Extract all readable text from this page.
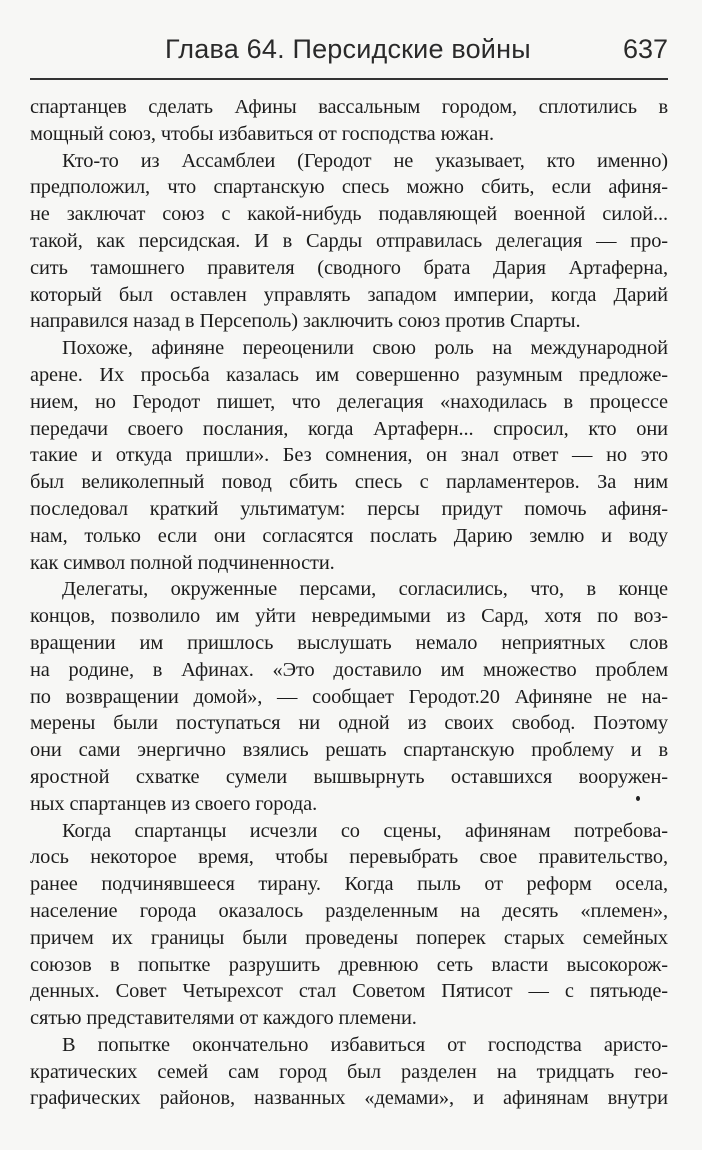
Глава 64. Персидские войны	637
спартанцев сделать Афины вассальным городом, сплотились в
мощный союз, чтобы избавиться от господства южан.
Кто-то из Ассамблеи (Геродот не указывает, кто именно)
предположил, что спартанскую спесь можно сбить, если афиня-
не заключат союз с какой-нибудь подавляющей военной силой...
такой, как персидская. И в Сарды отправилась делегация — про-
сить тамошнего правителя (сводного брата Дария Артаферна,
который был оставлен управлять западом империи, когда Дарий
направился назад в Персеполь) заключить союз против Спарты.
Похоже, афиняне переоценили свою роль на международной
арене. Их просьба казалась им совершенно разумным предложе-
нием, но Геродот пишет, что делегация «находилась в процессе
передачи своего послания, когда Артаферн... спросил, кто они
такие и откуда пришли». Без сомнения, он знал ответ — но это
был великолепный повод сбить спесь с парламентеров. За ним
последовал краткий ультиматум: персы придут помочь афиня-
нам, только если они согласятся послать Дарию землю и воду
как символ полной подчиненности.
Делегаты, окруженные персами, согласились, что, в конце
концов, позволило им уйти невредимыми из Сард, хотя по воз-
вращении им пришлось выслушать немало неприятных слов
на родине, в Афинах. «Это доставило им множество проблем
по возвращении домой», — сообщает Геродот.20 Афиняне не на-
мерены были поступаться ни одной из своих свобод. Поэтому
они сами энергично взялись решать спартанскую проблему и в
яростной схватке сумели вышвырнуть оставшихся вооружен-
ных спартанцев из своего города.
Когда спартанцы исчезли со сцены, афинянам потребова-
лось некоторое время, чтобы перевыбрать свое правительство,
ранее подчинявшееся тирану. Когда пыль от реформ осела,
население города оказалось разделенным на десять «племен»,
причем их границы были проведены поперек старых семейных
союзов в попытке разрушить древнюю сеть власти высокорож-
денных. Совет Четырехсот стал Советом Пятисот — с пятьюде-
сятью представителями от каждого племени.
В попытке окончательно избавиться от господства аристо-
кратических семей сам город был разделен на тридцать гео-
графических районов, названных «демами», и афинянам внутри
